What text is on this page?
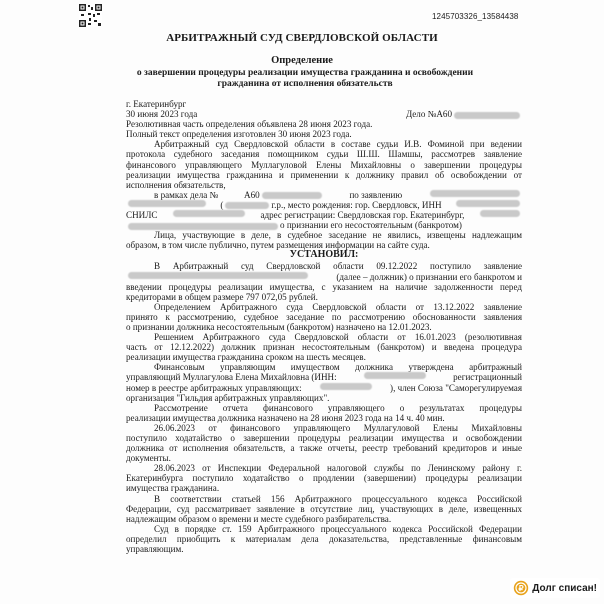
1245703326_13584438
АРБИТРАЖНЫЙ СУД СВЕРДЛОВСКОЙ ОБЛАСТИ
Определение
о завершении процедуры реализации имущества гражданина и освобождении
гражданина от исполнения обязательств
г. Екатеринбург
30 июня 2023 года	Дело №А60
Резолютивная часть определения объявлена 28 июня 2023 года.
Полный текст определения изготовлен 30 июня 2023 года.
Арбитражный суд Свердловской области в составе судьи И.В. Фоминой при ведении
протокола судебного заседания помощником судьи Ш.Ш. Шамшы, рассмотрев заявление
финансового управляющего Муллагуловой Елены Михайловны о завершении процедуры
реализации имущества гражданина и применении к должнику правил об освобождении от
исполнения обязательств,
в рамках дела №	А60	по заявлению
(	г.р., место рождения: гор. Свердловск, ИНН
СНИЛС	адрес регистрации: Свердловская гор. Екатеринбург,
о признании его несостоятельным (банкротом)
Лица, участвующие в деле, в судебное заседание не явились, извещены надлежащим
образом, в том числе публично, путем размещения информации на сайте суда.
УСТАНОВИЛ:
В Арбитражный суд Свердловской области 09.12.2022 поступило заявление
(далее – должник) о признании его банкротом и
введении процедуры реализации имущества, с указанием на наличие задолженности перед
кредиторами в общем размере 797 072,05 рублей.
Определением Арбитражного суда Свердловской области от 13.12.2022 заявление
принято к рассмотрению, судебное заседание по рассмотрению обоснованности заявления
о признании должника несостоятельным (банкротом) назначено на 12.01.2023.
Решением Арбитражного суда Свердловской области от 16.01.2023 (резолютивная
часть от 12.12.2022) должник признан несостоятельным (банкротом) и введена процедура
реализации имущества гражданина сроком на шесть месяцев.
Финансовым управляющим имуществом должника утверждена арбитражный
управляющий Муллагулова Елена Михайловна (ИНН:	регистрационный
номер в реестре арбитражных управляющих:	), член Союза "Саморегулируемая
организация "Гильдия арбитражных управляющих".
Рассмотрение отчета финансового управляющего о результатах процедуры
реализации имущества должника назначено на 28 июня 2023 года на 14 ч. 40 мин.
26.06.2023 от финансового управляющего Муллагуловой Елены Михайловны
поступило ходатайство о завершении процедуры реализации имущества и освобождении
должника от исполнения обязательств, а также отчеты, реестр требований кредиторов и иные
документы.
28.06.2023 от Инспекции Федеральной налоговой службы по Ленинскому району г.
Екатеринбурга поступило ходатайство о продлении (завершении) процедуры реализации
имущества гражданина.
В соответствии статьей 156 Арбитражного процессуального кодекса Российской
Федерации, суд рассматривает заявление в отсутствие лиц, участвующих в деле, извещенных
надлежащим образом о времени и месте судебного разбирательства.
Суд в порядке ст. 159 Арбитражного процессуального кодекса Российской Федерации
определил приобщить к материалам дела доказательства, представленные финансовым
управляющим.
₽ Долг списан!
